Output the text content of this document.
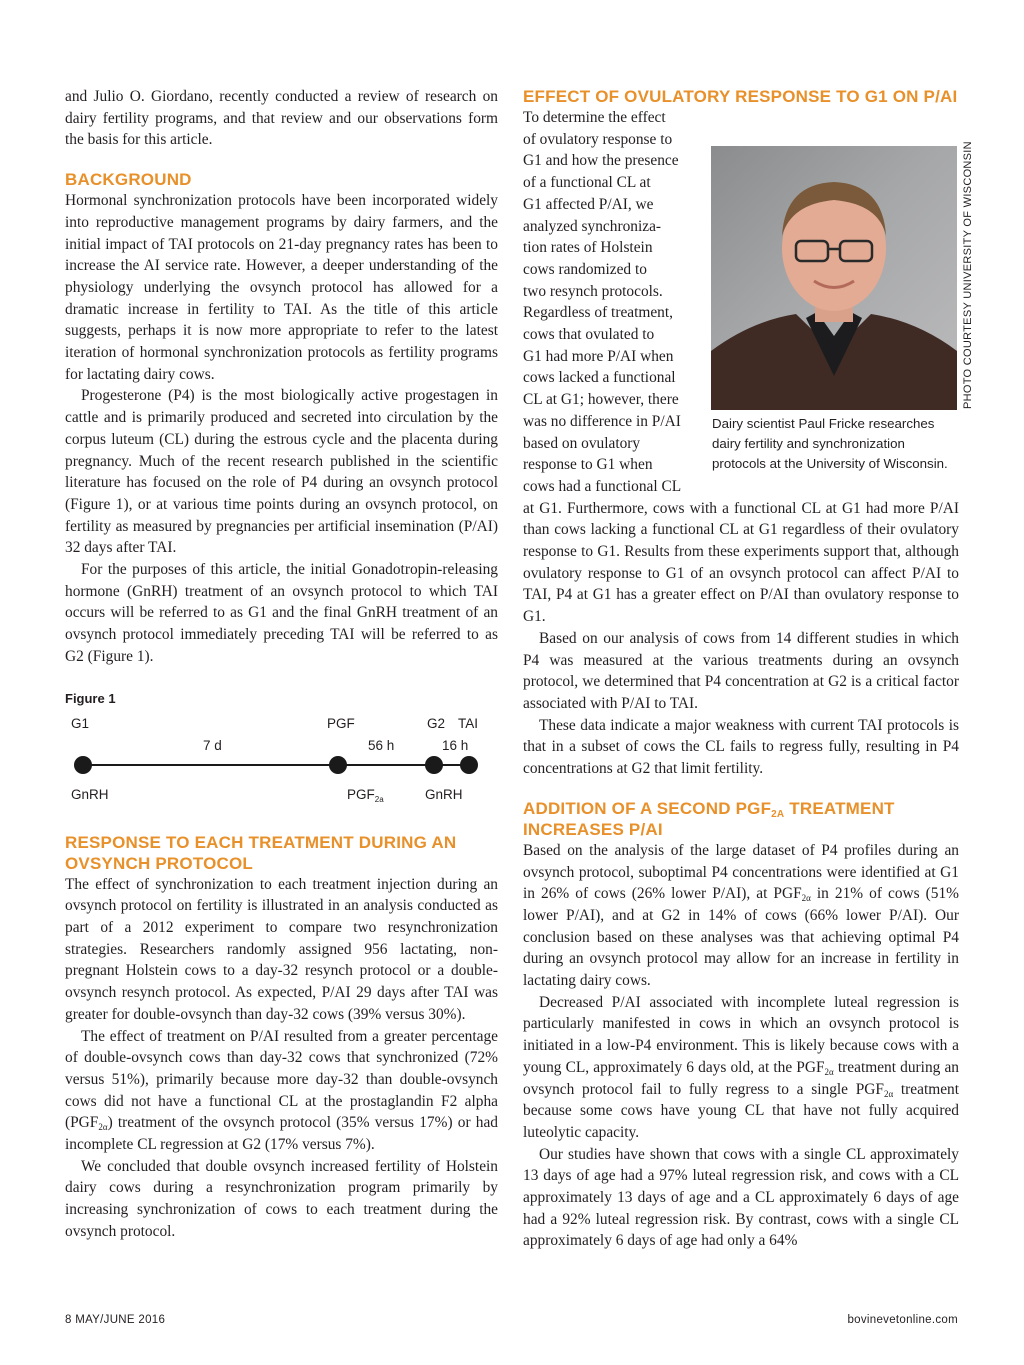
and Julio O. Giordano, recently conducted a review of research on dairy fertility programs, and that review and our observations form the basis for this article.

BACKGROUND

Hormonal synchronization protocols have been incorporated widely into reproductive management programs by dairy farmers, and the initial impact of TAI protocols on 21-day pregnancy rates has been to increase the AI service rate. However, a deeper understanding of the physiology underlying the ovsynch protocol has allowed for a dramatic increase in fertility to TAI. As the title of this article suggests, perhaps it is now more appropriate to refer to the latest iteration of hormonal synchronization protocols as fertility programs for lactating dairy cows.

Progesterone (P4) is the most biologically active progestagen in cattle and is primarily produced and secreted into circulation by the corpus luteum (CL) during the estrous cycle and the placenta during pregnancy. Much of the recent research published in the scientific literature has focused on the role of P4 during an ovsynch protocol (Figure 1), or at various time points during an ovsynch protocol, on fertility as measured by pregnancies per artificial insemination (P/AI) 32 days after TAI.

For the purposes of this article, the initial Gonadotropin-releasing hormone (GnRH) treatment of an ovsynch protocol to which TAI occurs will be referred to as G1 and the final GnRH treatment of an ovsynch protocol immediately preceding TAI will be referred to as G2 (Figure 1).

Figure 1
G1	PGF	G2 TAI
7 d	56 h	16 h
GnRH	$PGF_{2a}$	GnRH
RESPONSE TO EACH TREATMENT DURING AN OVSYNCH PROTOCOL

The effect of synchronization to each treatment injection during an ovsynch protocol on fertility is illustrated in an analysis conducted as part of a 2012 experiment to compare two resynchronization strategies. Researchers randomly assigned 956 lactating, non-pregnant Holstein cows to a day-32 resynch protocol or a double-ovsynch resynch protocol. As expected, P/AI 29 days after TAI was greater for double-ovsynch than day-32 cows (39% versus 30%).

The effect of treatment on P/AI resulted from a greater percentage of double-ovsynch cows than day-32 cows that synchronized (72% versus 51%), primarily because more day-32 than double-ovsynch cows did not have a functional CL at the prostaglandin F2 alpha $(PGF_{2\alpha})$ treatment of the ovsynch protocol (35% versus 17%) or had incomplete CL regression at G2 (17% versus 7%).

We concluded that double ovsynch increased fertility of Holstein dairy cows during a resynchronization program primarily by increasing synchronization of cows to each treatment during the ovsynch protocol.

PHOTO COURTESY UNIVERSITY OF WISCONSIN
Dairy scientist Paul Fricke researches dairy fertility and synchronization protocols at the University of Wisconsin.
EFFECT OF OVULATORY RESPONSE TO G1 ON P/AI
To determine the effect
of ovulatory response to
G1 and how the presence
of a functional CL at
G1 affected P/AI, we
analyzed synchroniza-
tion rates of Holstein
cows randomized to
two resynch protocols.
Regardless of treatment,
cows that ovulated to
G1 had more P/AI when
cows lacked a functional
CL at G1; however, there
was no difference in P/AI
based on ovulatory
response to G1 when
cows had a functional CL

at G1. Furthermore, cows with a functional CL at G1 had more P/AI than cows lacking a functional CL at G1 regardless of their ovulatory response to G1. Results from these experiments support that, although ovulatory response to G1 of an ovsynch protocol can affect P/AI to TAI, P4 at G1 has a greater effect on P/AI than ovulatory response to G1.

Based on our analysis of cows from 14 different studies in which P4 was measured at the various treatments during an ovsynch protocol, we determined that P4 concentration at G2 is a critical factor associated with P/AI to TAI.

These data indicate a major weakness with current TAI protocols is that in a subset of cows the CL fails to regress fully, resulting in P4 concentrations at G2 that limit fertility.

ADDITION OF A SECOND $PGF_{2A}$ TREATMENT INCREASES P/AI

Based on the analysis of the large dataset of P4 profiles during an ovsynch protocol, suboptimal P4 concentrations were identified at G1 in 26% of cows (26% lower P/AI), at $PGF_{2\alpha}$ in 21% of cows (51% lower P/AI), and at G2 in 14% of cows (66% lower P/AI). Our conclusion based on these analyses was that achieving optimal P4 during an ovsynch protocol may allow for an increase in fertility in lactating dairy cows.

Decreased P/AI associated with incomplete luteal regression is particularly manifested in cows in which an ovsynch protocol is initiated in a low-P4 environment. This is likely because cows with a young CL, approximately 6 days old, at the $PGF_{2\alpha}$ treatment during an ovsynch protocol fail to fully regress to a single $PGF_{2\alpha}$ treatment because some cows have young CL that have not fully acquired luteolytic capacity.

Our studies have shown that cows with a single CL approximately 13 days of age had a 97% luteal regression risk, and cows with a CL approximately 13 days of age and a CL approximately 6 days of age had a 92% luteal regression risk. By contrast, cows with a single CL approximately 6 days of age had only a 64%

8 MAY/JUNE 2016	bovinevetonline.com
